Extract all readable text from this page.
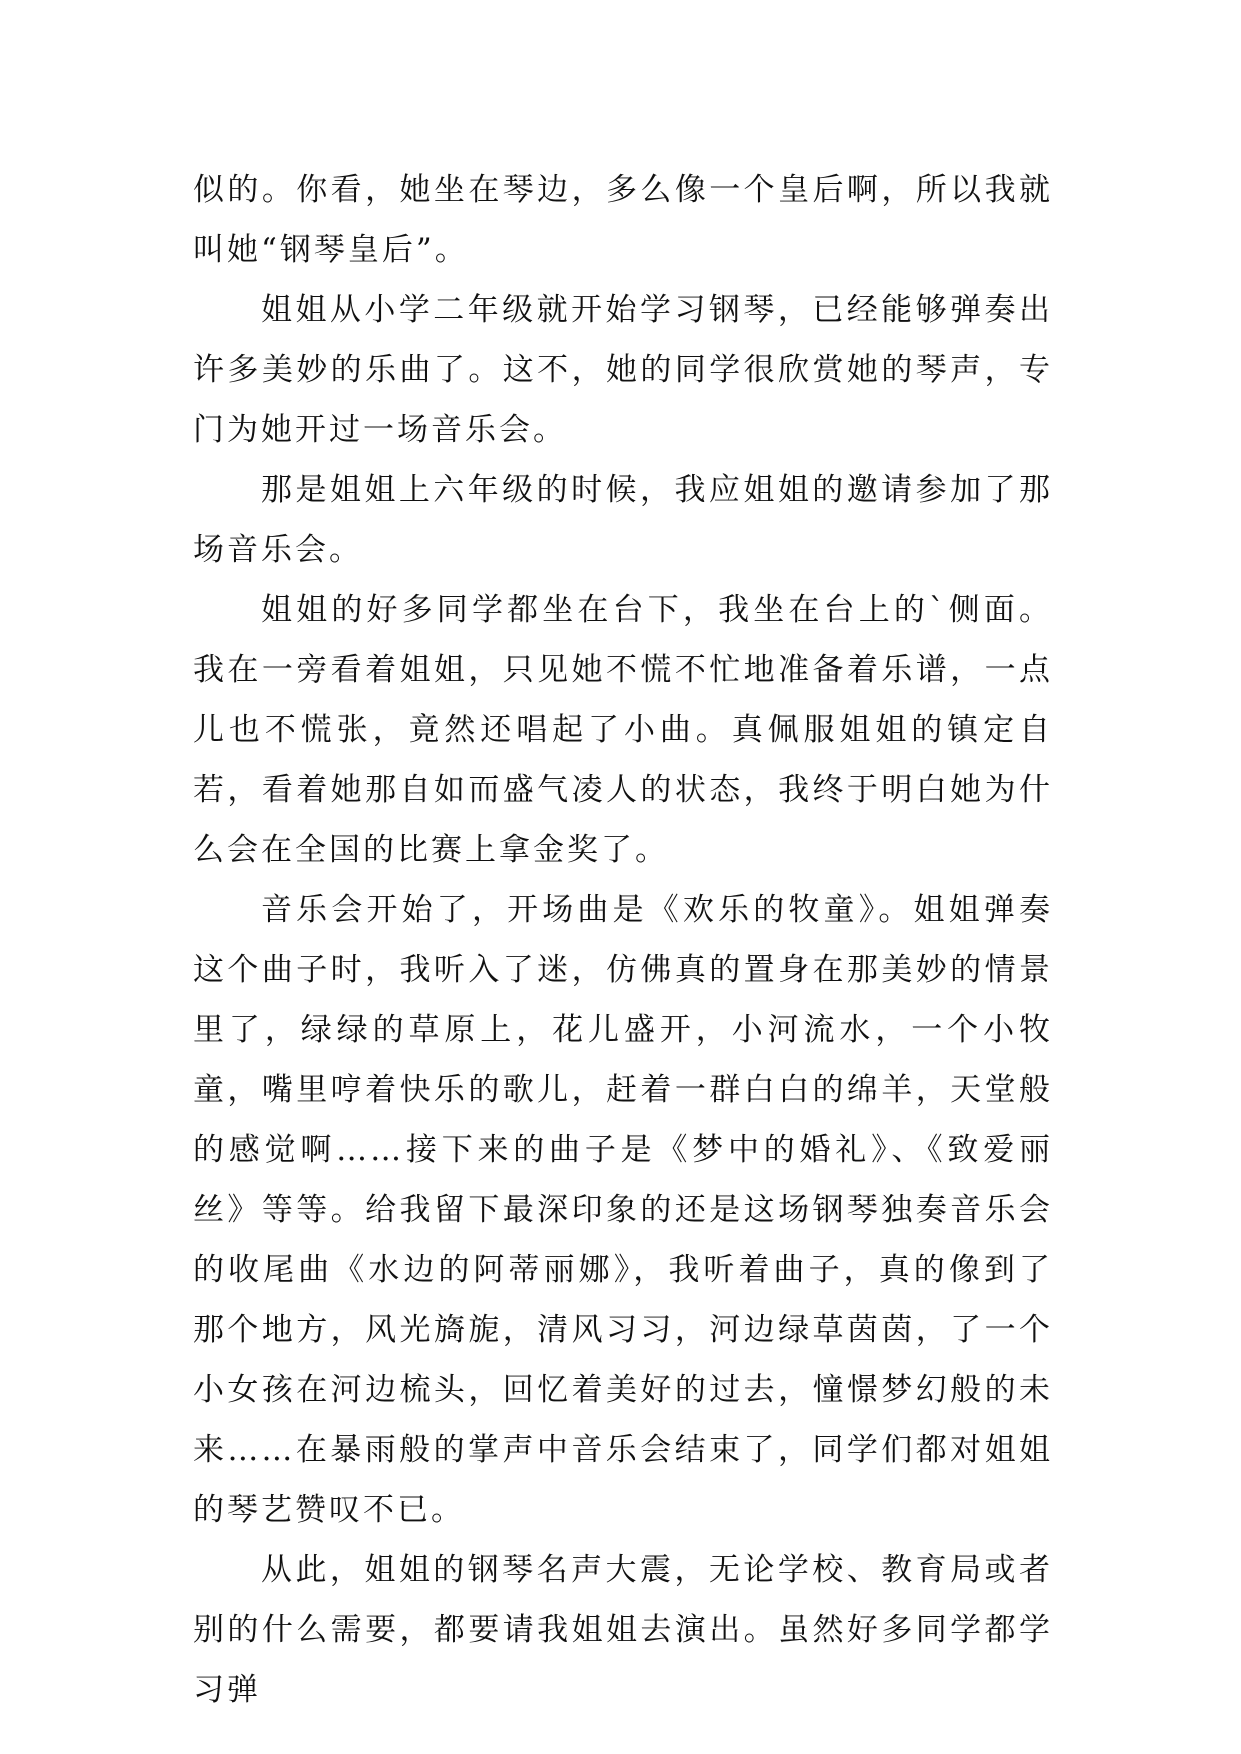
似的。你看，她坐在琴边，多么像一个皇后啊，所以我就叫她“钢琴皇后”。

姐姐从小学二年级就开始学习钢琴，已经能够弹奏出许多美妙的乐曲了。这不，她的同学很欣赏她的琴声，专门为她开过一场音乐会。

那是姐姐上六年级的时候，我应姐姐的邀请参加了那场音乐会。

姐姐的好多同学都坐在台下，我坐在台上的`侧面。我在一旁看着姐姐，只见她不慌不忙地准备着乐谱，一点儿也不慌张，竟然还唱起了小曲。真佩服姐姐的镇定自若，看着她那自如而盛气凌人的状态，我终于明白她为什么会在全国的比赛上拿金奖了。

音乐会开始了，开场曲是《欢乐的牧童》。姐姐弹奏这个曲子时，我听入了迷，仿佛真的置身在那美妙的情景里了，绿绿的草原上，花儿盛开，小河流水，一个小牧童，嘴里哼着快乐的歌儿，赶着一群白白的绵羊，天堂般的感觉啊……接下来的曲子是《梦中的婚礼》、《致爱丽丝》等等。给我留下最深印象的还是这场钢琴独奏音乐会的收尾曲《水边的阿蒂丽娜》，我听着曲子，真的像到了那个地方，风光旖旎，清风习习，河边绿草茵茵，了一个小女孩在河边梳头，回忆着美好的过去，憧憬梦幻般的未来……在暴雨般的掌声中音乐会结束了，同学们都对姐姐的琴艺赞叹不已。

从此，姐姐的钢琴名声大震，无论学校、教育局或者别的什么需要，都要请我姐姐去演出。虽然好多同学都学习弹
